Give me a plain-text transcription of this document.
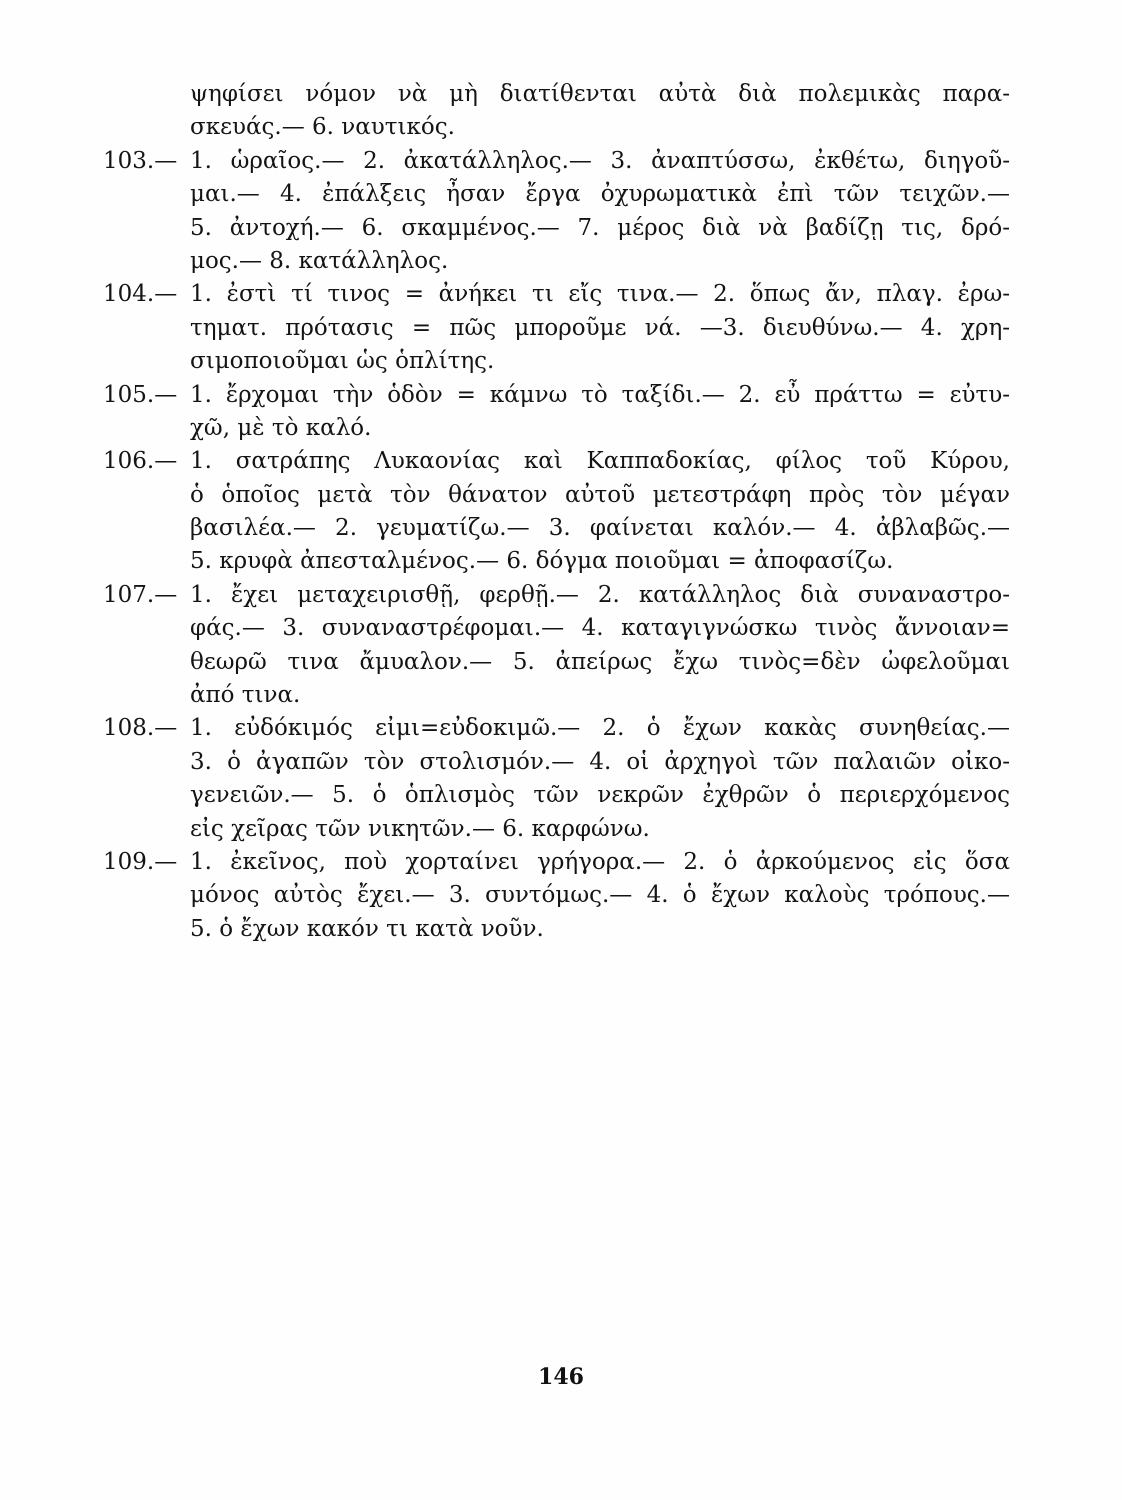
ψηφίσει νόμον νὰ μὴ διατίθενται αὐτὰ διὰ πολεμικὰς παρα-
σκευάς.— 6. ναυτικός.
103.— 1. ὡραῖος.— 2. ἀκατάλληλος.— 3. ἀναπτύσσω, ἐκθέτω, διηγοῦ-
μαι.— 4. ἐπάλξεις ἦσαν ἔργα ὀχυρωματικὰ ἐπὶ τῶν τειχῶν.—
5. ἀντοχή.— 6. σκαμμένος.— 7. μέρος διὰ νὰ βαδίζῃ τις, δρό-
μος.— 8. κατάλληλος.
104.— 1. ἐστὶ τί τινος = ἀνήκει τι εἴς τινα.— 2. ὅπως ἄν, πλαγ. ἐρω-
τηματ. πρότασις = πῶς μποροῦμε νά. —3. διευθύνω.— 4. χρη-
σιμοποιοῦμαι ὡς ὁπλίτης.
105.— 1. ἔρχομαι τὴν ὁδὸν = κάμνω τὸ ταξίδι.— 2. εὖ πράττω = εὐτυ-
χῶ, μὲ τὸ καλό.
106.— 1. σατράπης Λυκαονίας καὶ Καππαδοκίας, φίλος τοῦ Κύρου,
ὁ ὁποῖος μετὰ τὸν θάνατον αὐτοῦ μετεστράφη πρὸς τὸν μέγαν
βασιλέα.— 2. γευματίζω.— 3. φαίνεται καλόν.— 4. ἀβλαβῶς.—
5. κρυφὰ ἀπεσταλμένος.— 6. δόγμα ποιοῦμαι = ἀποφασίζω.
107.— 1. ἔχει μεταχειρισθῇ, φερθῇ.— 2. κατάλληλος διὰ συναναστρο-
φάς.— 3. συναναστρέφομαι.— 4. καταγιγνώσκω τινὸς ἄννοιαν=
θεωρῶ τινα ἄμυαλον.— 5. ἀπείρως ἔχω τινὸς=δὲν ὠφελοῦμαι
ἀπό τινα.
108.— 1. εὐδόκιμός εἰμι=εὐδοκιμῶ.— 2. ὁ ἔχων κακὰς συνηθείας.—
3. ὁ ἀγαπῶν τὸν στολισμόν.— 4. οἱ ἀρχηγοὶ τῶν παλαιῶν οἰκο-
γενειῶν.— 5. ὁ ὁπλισμὸς τῶν νεκρῶν ἐχθρῶν ὁ περιερχόμενος
εἰς χεῖρας τῶν νικητῶν.— 6. καρφώνω.
109.— 1. ἐκεῖνος, ποὺ χορταίνει γρήγορα.— 2. ὁ ἀρκούμενος εἰς ὅσα
μόνος αὐτὸς ἔχει.— 3. συντόμως.— 4. ὁ ἔχων καλοὺς τρόπους.—
5. ὁ ἔχων κακόν τι κατὰ νοῦν.
146
